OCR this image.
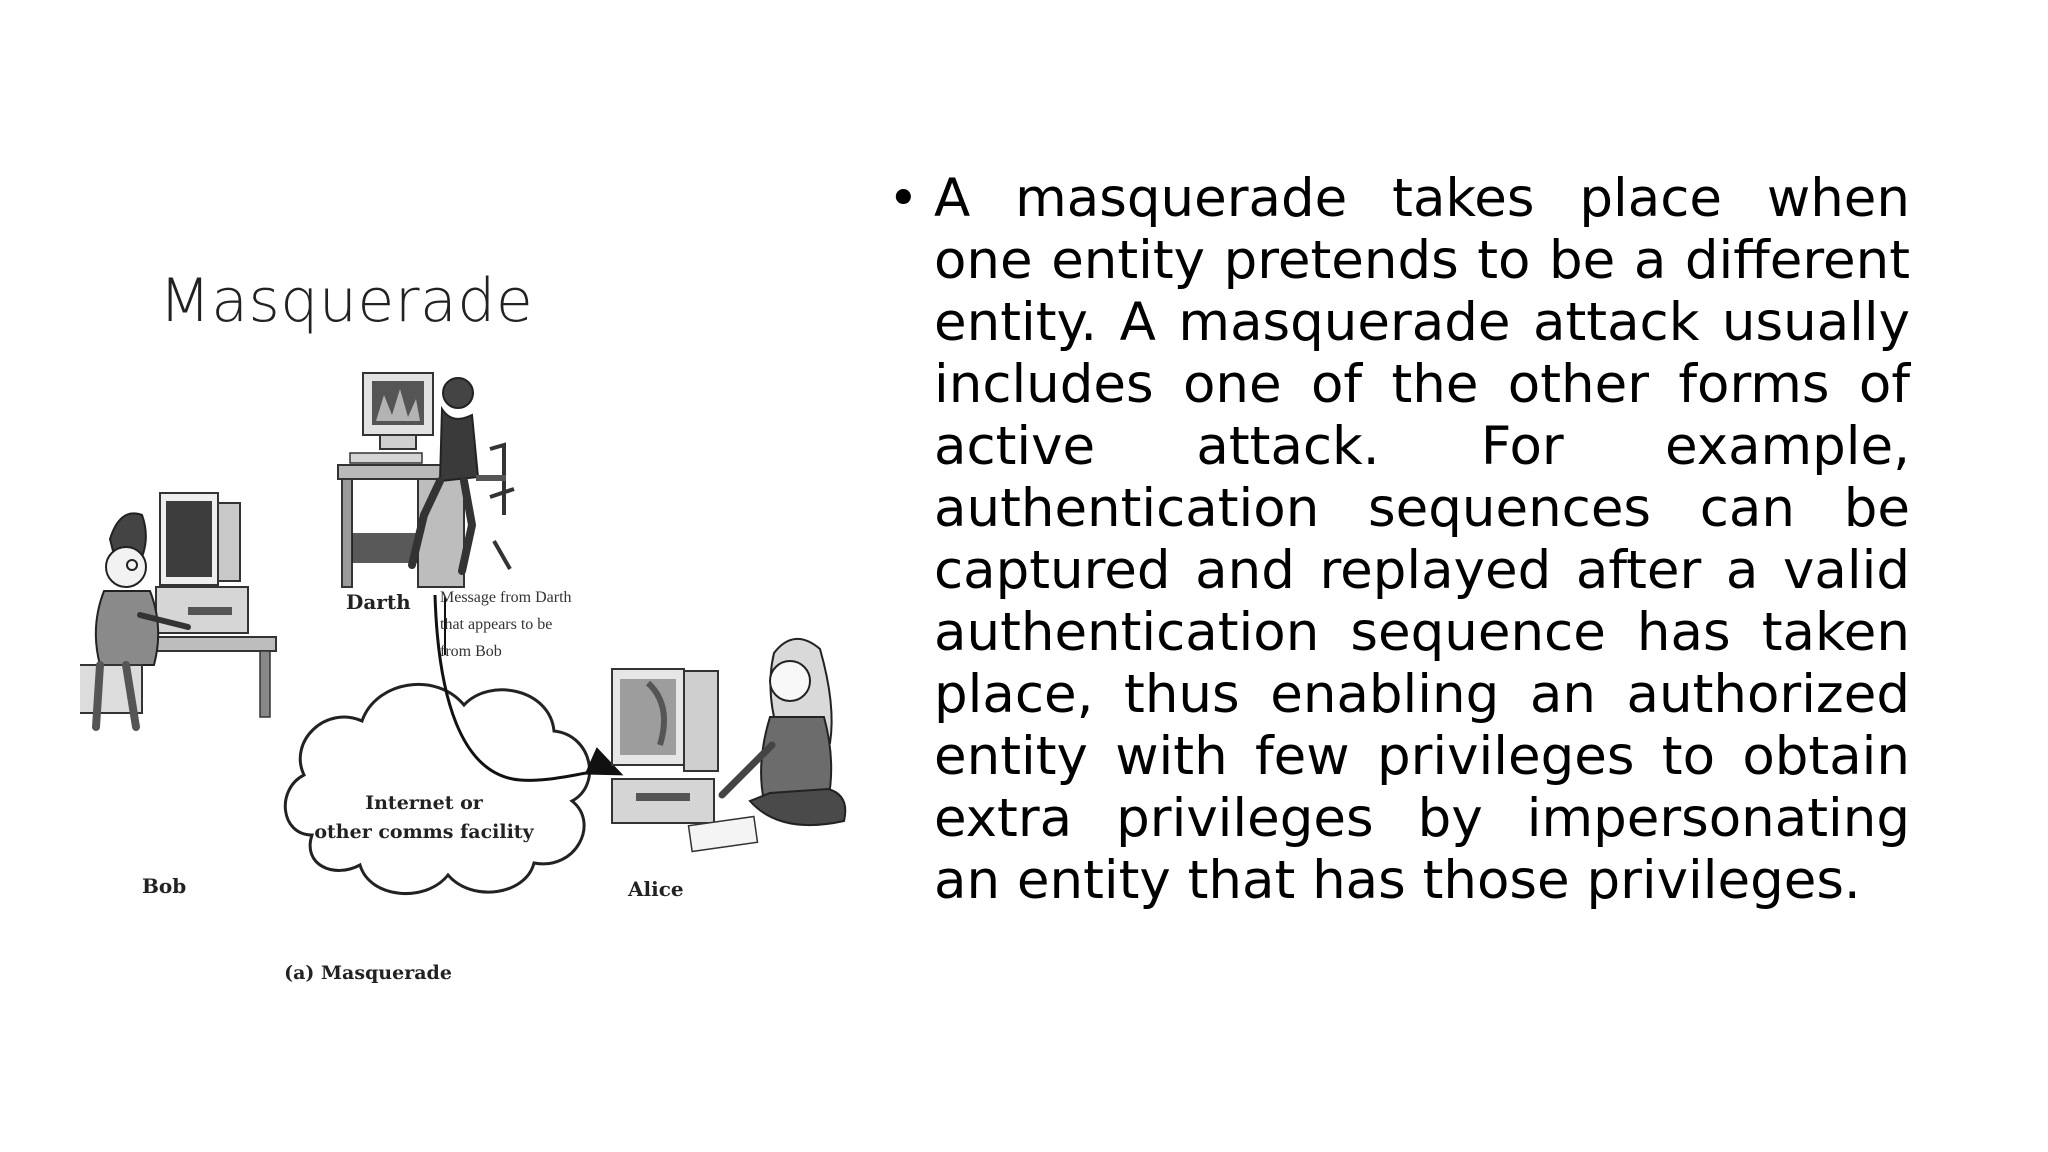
Masquerade
Darth Message from Darth
that appears to be
from Bob
Internet or
other comms facility
Bob	Alice
(a) Masquerade
• A masquerade takes place when one entity pretends to be a different entity. A masquerade attack usually includes one of the other forms of active attack. For example, authentication sequences can be captured and replayed after a valid authentication sequence has taken place, thus enabling an authorized entity with few privileges to obtain extra privileges by impersonating an entity that has those privileges.
